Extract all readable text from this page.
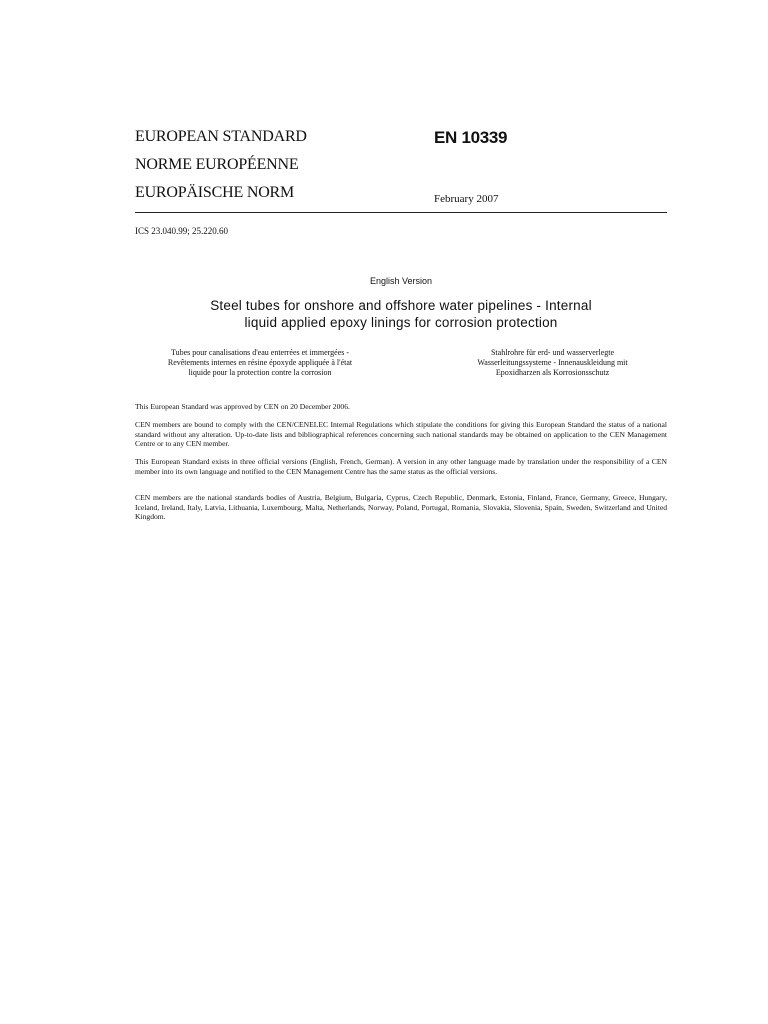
EUROPEAN STANDARD
NORME EUROPÉENNE
EUROPÄISCHE NORM
EN 10339
February 2007
ICS 23.040.99; 25.220.60
English Version
Steel tubes for onshore and offshore water pipelines - Internal
liquid applied epoxy linings for corrosion protection
Tubes pour canalisations d'eau enterrées et immergées -
Revêtements internes en résine époxyde appliquée à l'état
liquide pour la protection contre la corrosion
Stahlrohre für erd- und wasserverlegte
Wasserleitungssysteme - Innenauskleidung mit
Epoxidharzen als Korrosionsschutz
This European Standard was approved by CEN on 20 December 2006.
CEN members are bound to comply with the CEN/CENELEC Internal Regulations which stipulate the conditions for giving this European Standard the status of a national standard without any alteration. Up-to-date lists and bibliographical references concerning such national standards may be obtained on application to the CEN Management Centre or to any CEN member.
This European Standard exists in three official versions (English, French, German). A version in any other language made by translation under the responsibility of a CEN member into its own language and notified to the CEN Management Centre has the same status as the official versions.
CEN members are the national standards bodies of Austria, Belgium, Bulgaria, Cyprus, Czech Republic, Denmark, Estonia, Finland, France, Germany, Greece, Hungary, Iceland, Ireland, Italy, Latvia, Lithuania, Luxembourg, Malta, Netherlands, Norway, Poland, Portugal, Romania, Slovakia, Slovenia, Spain, Sweden, Switzerland and United Kingdom.
